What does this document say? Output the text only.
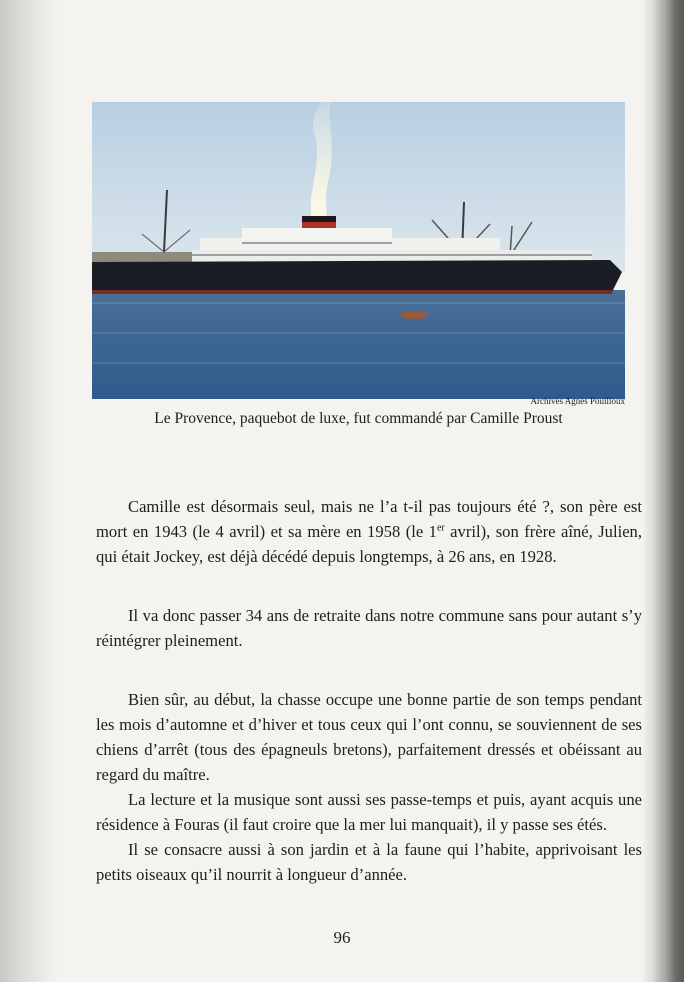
Archives Agnès Pouilloux
Le Provence, paquebot de luxe, fut commandé par Camille Proust

Camille est désormais seul, mais ne l’a t-il pas toujours été ?, son père est mort en 1943 (le 4 avril) et sa mère en 1958 (le 1er avril), son frère aîné, Julien, qui était Jockey, est déjà décédé depuis longtemps, à 26 ans, en 1928.

Il va donc passer 34 ans de retraite dans notre commune sans pour autant s’y réintégrer pleinement.

Bien sûr, au début, la chasse occupe une bonne partie de son temps pendant les mois d’automne et d’hiver et tous ceux qui l’ont connu, se souviennent de ses chiens d’arrêt (tous des épagneuls bretons), parfaitement dressés et obéissant au regard du maître.

La lecture et la musique sont aussi ses passe-temps et puis, ayant acquis une résidence à Fouras (il faut croire que la mer lui manquait), il y passe ses étés.

Il se consacre aussi à son jardin et à la faune qui l’habite, apprivoisant les petits oiseaux qu’il nourrit à longueur d’année.

96
